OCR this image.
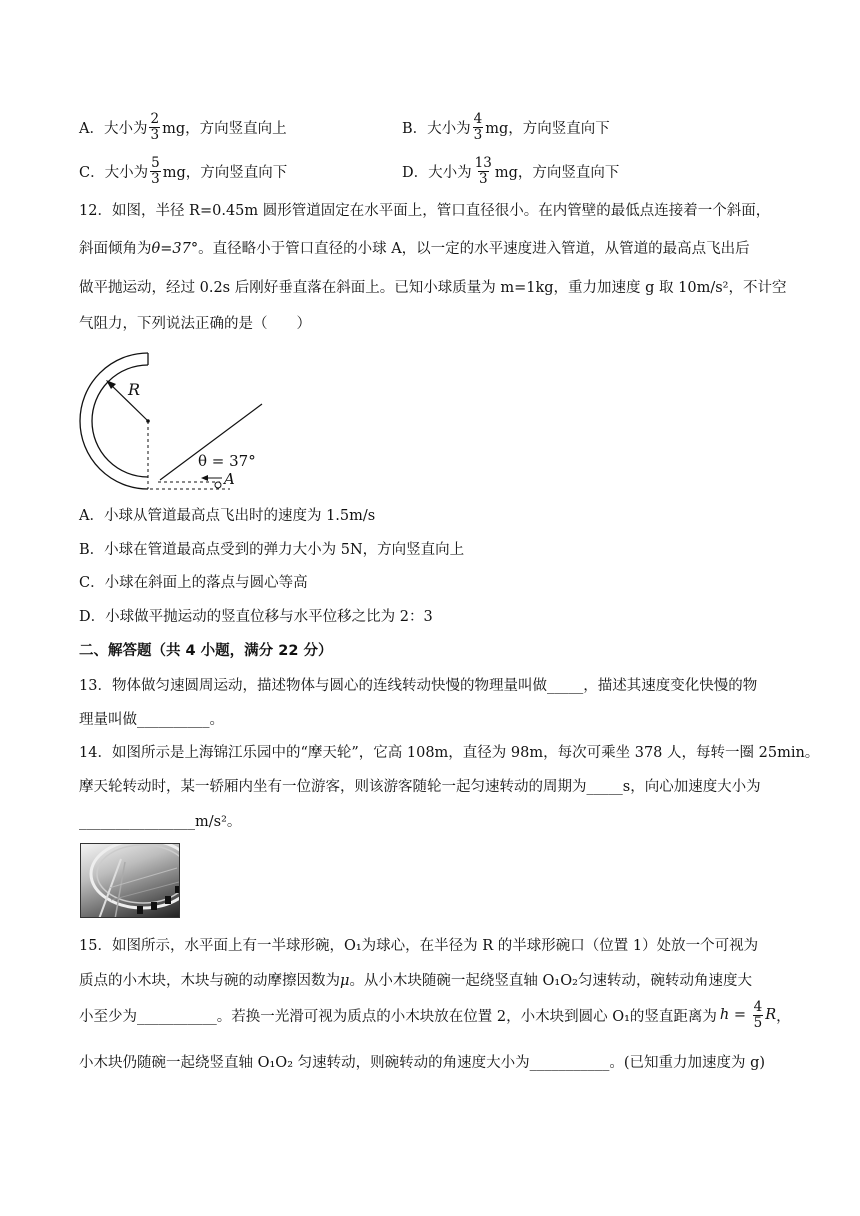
A．大小为 $\frac{2}{3}$ mg，方向竖直向上	B．大小为 $\frac{4}{3}$ mg，方向竖直向下
C．大小为 $\frac{5}{3}$ mg，方向竖直向下	D．大小为 $\frac{13}{3}$ mg，方向竖直向下
12．如图，半径 R=0.45m 圆形管道固定在水平面上，管口直径很小。在内管壁的最低点连接着一个斜面，
斜面倾角为θ=37°。直径略小于管口直径的小球 A，以一定的水平速度进入管道，从管道的最高点飞出后
做平抛运动，经过 0.2s 后刚好垂直落在斜面上。已知小球质量为 m=1kg，重力加速度 g 取 10m/s²，不计空
气阻力，下列说法正确的是（　　）
R
θ = 37°
A
A．小球从管道最高点飞出时的速度为 1.5m/s
B．小球在管道最高点受到的弹力大小为 5N，方向竖直向上
C．小球在斜面上的落点与圆心等高
D．小球做平抛运动的竖直位移与水平位移之比为 2：3
二、解答题（共 4 小题，满分 22 分）
13．物体做匀速圆周运动，描述物体与圆心的连线转动快慢的物理量叫做_____，描述其速度变化快慢的物
理量叫做__________。
14．如图所示是上海锦江乐园中的“摩天轮”，它高 108m，直径为 98m，每次可乘坐 378 人，每转一圈 25min。
摩天轮转动时，某一轿厢内坐有一位游客，则该游客随轮一起匀速转动的周期为_____s，向心加速度大小为
________________m/s²。
15．如图所示，水平面上有一半球形碗，O₁为球心，在半径为 R 的半球形碗口（位置 1）处放一个可视为
质点的小木块，木块与碗的动摩擦因数为μ。从小木块随碗一起绕竖直轴 O₁O₂匀速转动，碗转动角速度大
小至少为___________。若换一光滑可视为质点的小木块放在位置 2，小木块到圆心 O₁的竖直距离为 $h = \frac{4}{5}$ R ，
小木块仍随碗一起绕竖直轴 O₁O₂ 匀速转动，则碗转动的角速度大小为___________。(已知重力加速度为 g)
